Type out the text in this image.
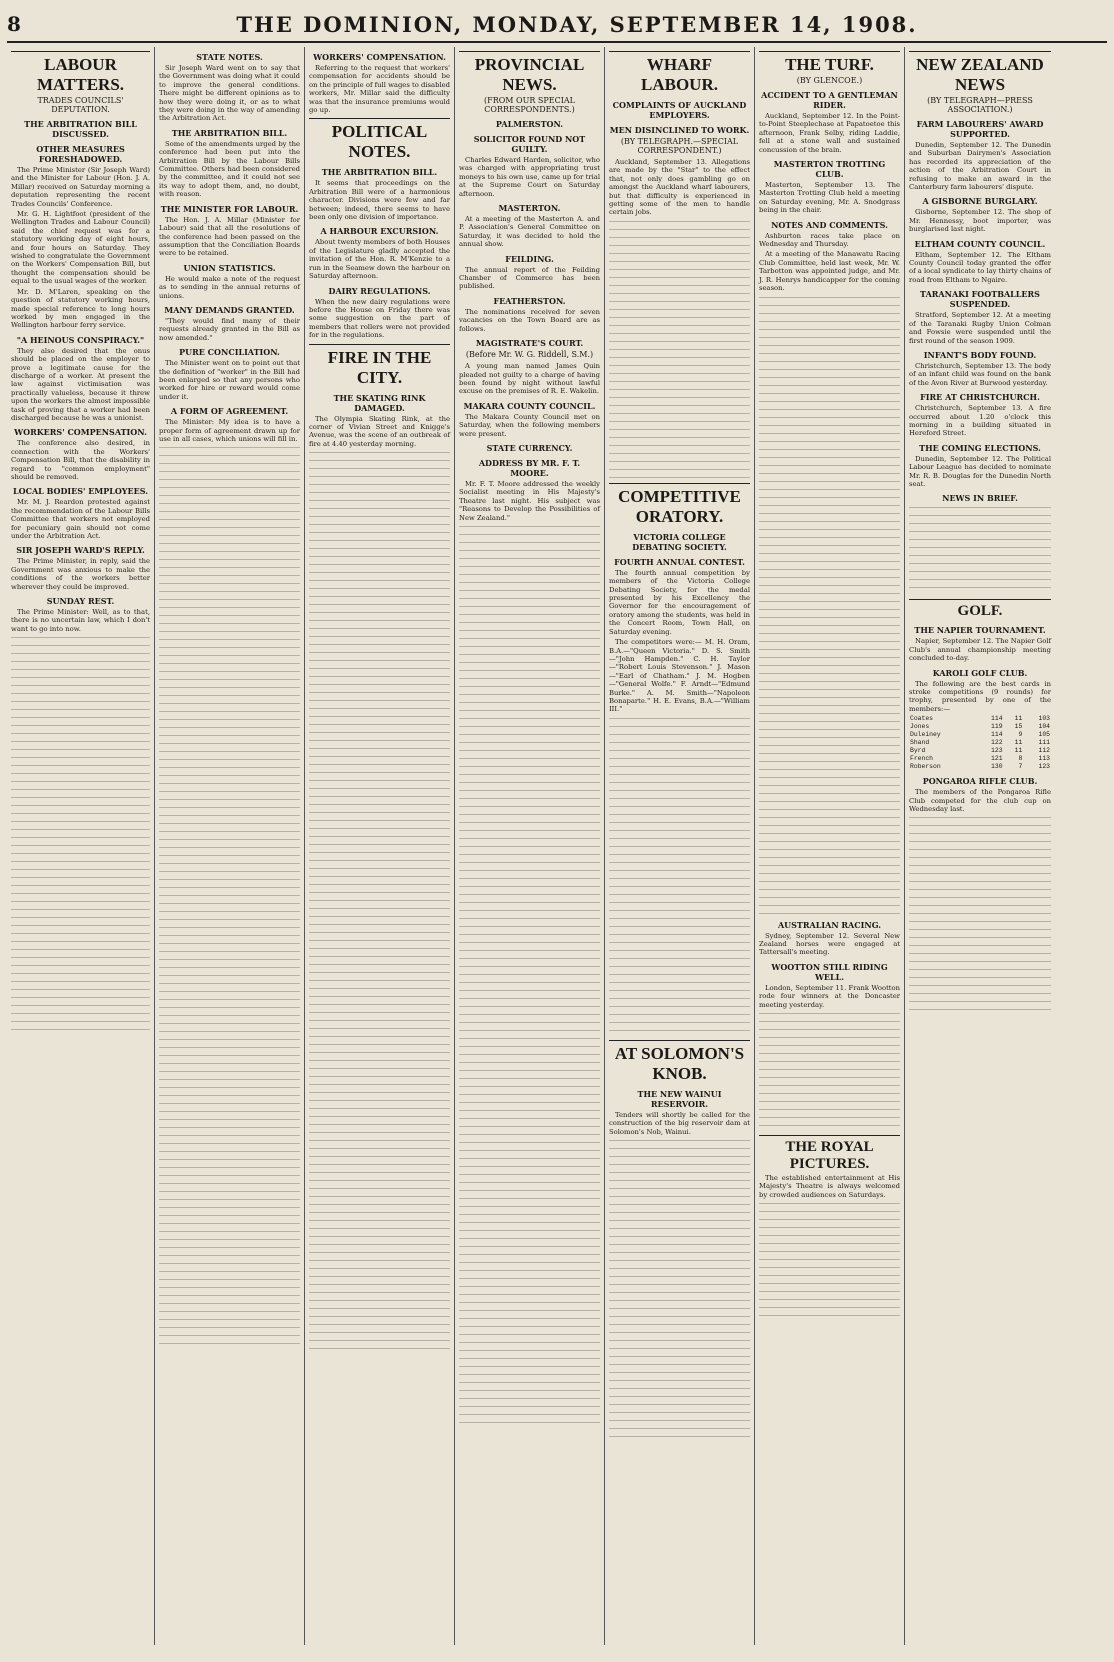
8	THE DOMINION, MONDAY, SEPTEMBER 14, 1908.
LABOUR MATTERS.
TRADES COUNCILS' DEPUTATION.
THE ARBITRATION BILL DISCUSSED.
OTHER MEASURES FORESHADOWED.
The Prime Minister (Sir Joseph Ward) and the Minister for Labour (Hon. J. A. Millar) received on Saturday morning a deputation representing the recent Trades Councils' Conference.
Mr. G. H. Lightfoot (president of the Wellington Trades and Labour Council) said the chief request was for a statutory working day of eight hours, and four hours on Saturday. They wished to congratulate the Government on the Workers' Compensation Bill, but thought the compensation should be equal to the usual wages of the worker.
Mr. D. M'Laren, speaking on the question of statutory working hours, made special reference to long hours worked by men engaged in the Wellington harbour ferry service.
"A HEINOUS CONSPIRACY."
They also desired that the onus should be placed on the employer to prove a legitimate cause for the discharge of a worker. At present the law against victimisation was practically valueless, because it threw upon the workers the almost impossible task of proving that a worker had been discharged because he was a unionist.
WORKERS' COMPENSATION.
The conference also desired, in connection with the Workers' Compensation Bill, that the disability in regard to "common employment" should be removed.
LOCAL BODIES' EMPLOYEES.
Mr. M. J. Reardon protested against the recommendation of the Labour Bills Committee that workers not employed for pecuniary gain should not come under the Arbitration Act.
SIR JOSEPH WARD'S REPLY.
The Prime Minister, in reply, said the Government was anxious to make the conditions of the workers better wherever they could be improved.
SUNDAY REST.
The Prime Minister: Well, as to that, there is no uncertain law, which I don't want to go into now.
STATE NOTES.
Sir Joseph Ward went on to say that the Government was doing what it could to improve the general conditions. There might be different opinions as to how they were doing it, or as to what they were doing in the way of amending the Arbitration Act.
THE ARBITRATION BILL.
Some of the amendments urged by the conference had been put into the Arbitration Bill by the Labour Bills Committee. Others had been considered by the committee, and it could not see its way to adopt them, and, no doubt, with reason.
THE MINISTER FOR LABOUR.
The Hon. J. A. Millar (Minister for Labour) said that all the resolutions of the conference had been passed on the assumption that the Conciliation Boards were to be retained.
UNION STATISTICS.
He would make a note of the request as to sending in the annual returns of unions.
MANY DEMANDS GRANTED.
"They would find many of their requests already granted in the Bill as now amended."
PURE CONCILIATION.
The Minister went on to point out that the definition of "worker" in the Bill had been enlarged so that any persons who worked for hire or reward would come under it.
A FORM OF AGREEMENT.
The Minister: My idea is to have a proper form of agreement drawn up for use in all cases, which unions will fill in.
WORKERS' COMPENSATION.
Referring to the request that workers' compensation for accidents should be on the principle of full wages to disabled workers, Mr. Millar said the difficulty was that the insurance premiums would go up.
POLITICAL NOTES.
THE ARBITRATION BILL.
It seems that proceedings on the Arbitration Bill were of a harmonious character. Divisions were few and far between; indeed, there seems to have been only one division of importance.
A HARBOUR EXCURSION.
About twenty members of both Houses of the Legislature gladly accepted the invitation of the Hon. R. M'Kenzie to a run in the Seamew down the harbour on Saturday afternoon.
DAIRY REGULATIONS.
When the new dairy regulations were before the House on Friday there was some suggestion on the part of members that rollers were not provided for in the regulations.
FIRE IN THE CITY.
THE SKATING RINK DAMAGED.
The Olympia Skating Rink, at the corner of Vivian Street and Knigge's Avenue, was the scene of an outbreak of fire at 4.40 yesterday morning.
PROVINCIAL NEWS.
(FROM OUR SPECIAL CORRESPONDENTS.)
PALMERSTON.
SOLICITOR FOUND NOT GUILTY.
Charles Edward Harden, solicitor, who was charged with appropriating trust moneys to his own use, came up for trial at the Supreme Court on Saturday afternoon.
MASTERTON.
At a meeting of the Masterton A. and P. Association's General Committee on Saturday, it was decided to hold the annual show.
FEILDING.
The annual report of the Feilding Chamber of Commerce has been published.
FEATHERSTON.
The nominations received for seven vacancies on the Town Board are as follows.
MAGISTRATE'S COURT.
(Before Mr. W. G. Riddell, S.M.)
A young man named James Quin pleaded not guilty to a charge of having been found by night without lawful excuse on the premises of R. E. Wakelin.
MAKARA COUNTY COUNCIL.
The Makara County Council met on Saturday, when the following members were present.
STATE CURRENCY.
ADDRESS BY MR. F. T. MOORE.
Mr. F. T. Moore addressed the weekly Socialist meeting in His Majesty's Theatre last night. His subject was "Reasons to Develop the Possibilities of New Zealand."
WHARF LABOUR.
COMPLAINTS OF AUCKLAND EMPLOYERS.
MEN DISINCLINED TO WORK.
(BY TELEGRAPH.—SPECIAL CORRESPONDENT.)
Auckland, September 13. Allegations are made by the "Star" to the effect that, not only does gambling go on amongst the Auckland wharf labourers, but that difficulty is experienced in getting some of the men to handle certain jobs.
COMPETITIVE ORATORY.
VICTORIA COLLEGE DEBATING SOCIETY.
FOURTH ANNUAL CONTEST.
The fourth annual competition by members of the Victoria College Debating Society, for the medal presented by his Excellency the Governor for the encouragement of oratory among the students, was held in the Concert Room, Town Hall, on Saturday evening.
The competitors were:— M. H. Oram, B.A.—"Queen Victoria." D. S. Smith—"John Hampden." C. H. Taylor—"Robert Louis Stevenson." J. Mason—"Earl of Chatham." J. M. Hogben—"General Wolfe." F. Arndt—"Edmund Burke." A. M. Smith—"Napoleon Bonaparte." H. E. Evans, B.A.—"William III."
AT SOLOMON'S KNOB.
THE NEW WAINUI RESERVOIR.
Tenders will shortly be called for the construction of the big reservoir dam at Solomon's Nob, Wainui.
THE TURF.
(BY GLENCOE.)
ACCIDENT TO A GENTLEMAN RIDER.
Auckland, September 12. In the Point-to-Point Steeplechase at Papatoetoe this afternoon, Frank Selby, riding Laddie, fell at a stone wall and sustained concussion of the brain.
MASTERTON TROTTING CLUB.
Masterton, September 13. The Masterton Trotting Club held a meeting on Saturday evening, Mr. A. Snodgrass being in the chair.
NOTES AND COMMENTS.
Ashburton races take place on Wednesday and Thursday.
At a meeting of the Manawatu Racing Club Committee, held last week, Mr. W. Tarbotton was appointed judge, and Mr. J. R. Henrys handicapper for the coming season.
AUSTRALIAN RACING.
Sydney, September 12. Several New Zealand horses were engaged at Tattersall's meeting.
WOOTTON STILL RIDING WELL.
London, September 11. Frank Wootton rode four winners at the Doncaster meeting yesterday.
THE ROYAL PICTURES.
The established entertainment at His Majesty's Theatre is always welcomed by crowded audiences on Saturdays.
NEW ZEALAND NEWS
(BY TELEGRAPH—PRESS ASSOCIATION.)
FARM LABOURERS' AWARD SUPPORTED.
Dunedin, September 12. The Dunedin and Suburban Dairymen's Association has recorded its appreciation of the action of the Arbitration Court in refusing to make an award in the Canterbury farm labourers' dispute.
A GISBORNE BURGLARY.
Gisborne, September 12. The shop of Mr. Hennessy, boot importer, was burglarised last night.
ELTHAM COUNTY COUNCIL.
Eltham, September 12. The Eltham County Council today granted the offer of a local syndicate to lay thirty chains of road from Eltham to Ngaire.
TARANAKI FOOTBALLERS SUSPENDED.
Stratford, September 12. At a meeting of the Taranaki Rugby Union Colman and Fowsie were suspended until the first round of the season 1909.
INFANT'S BODY FOUND.
Christchurch, September 13. The body of an infant child was found on the bank of the Avon River at Burwood yesterday.
FIRE AT CHRISTCHURCH.
Christchurch, September 13. A fire occurred about 1.20 o'clock this morning in a building situated in Hereford Street.
THE COMING ELECTIONS.
Dunedin, September 12. The Political Labour League has decided to nominate Mr. R. B. Douglas for the Dunedin North seat.
NEWS IN BRIEF.
GOLF.
THE NAPIER TOURNAMENT.
Napier, September 12. The Napier Golf Club's annual championship meeting concluded to-day.
KAROLI GOLF CLUB.
The following are the best cards in stroke competitions (9 rounds) for trophy, presented by one of the members:—
Coates	114	11	103
Jones	119	15	104
Duleiney	114	9	105
Shand	122	11	111
Byrd	123	11	112
French	121	8	113
Roberson	130	7	123
PONGAROA RIFLE CLUB.
The members of the Pongaroa Rifle Club competed for the club cup on Wednesday last.
